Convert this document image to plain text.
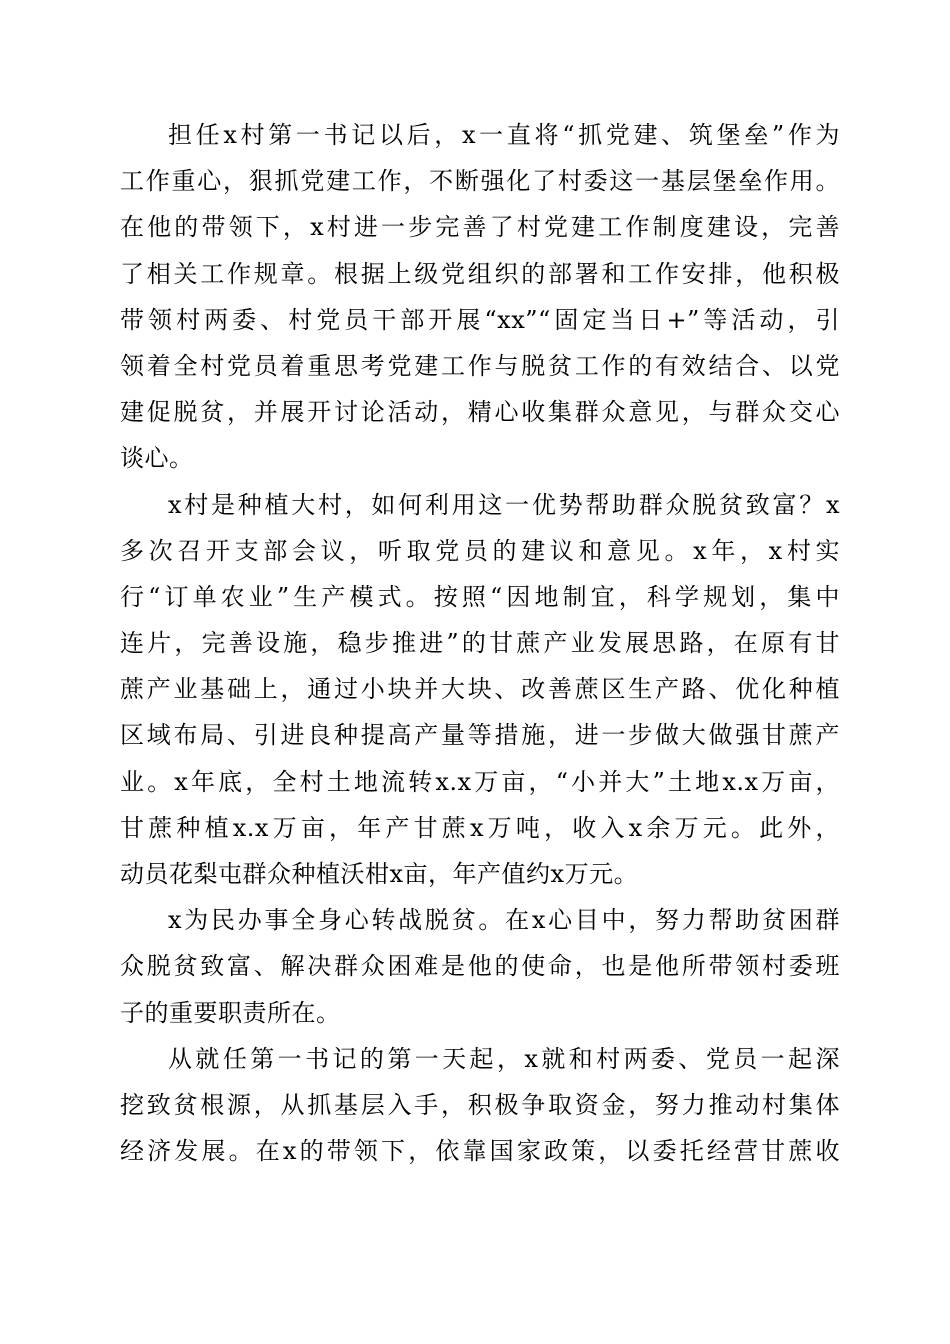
担任x村第一书记以后，x一直将“抓党建、筑堡垒”作为
工作重心，狠抓党建工作，不断强化了村委这一基层堡垒作用。
在他的带领下，x村进一步完善了村党建工作制度建设，完善
了相关工作规章。根据上级党组织的部署和工作安排，他积极
带领村两委、村党员干部开展“xx”“固定当日+”等活动，引
领着全村党员着重思考党建工作与脱贫工作的有效结合、以党
建促脱贫，并展开讨论活动，精心收集群众意见，与群众交心
谈心。
x村是种植大村，如何利用这一优势帮助群众脱贫致富？x
多次召开支部会议，听取党员的建议和意见。x年，x村实
行“订单农业”生产模式。按照“因地制宜，科学规划，集中
连片，完善设施，稳步推进”的甘蔗产业发展思路，在原有甘
蔗产业基础上，通过小块并大块、改善蔗区生产路、优化种植
区域布局、引进良种提高产量等措施，进一步做大做强甘蔗产
业。x年底，全村土地流转x.x万亩，“小并大”土地x.x万亩，
甘蔗种植x.x万亩，年产甘蔗x万吨，收入x余万元。此外，
动员花梨屯群众种植沃柑x亩，年产值约x万元。
x为民办事全身心转战脱贫。在x心目中，努力帮助贫困群
众脱贫致富、解决群众困难是他的使命，也是他所带领村委班
子的重要职责所在。
从就任第一书记的第一天起，x就和村两委、党员一起深
挖致贫根源，从抓基层入手，积极争取资金，努力推动村集体
经济发展。在x的带领下，依靠国家政策，以委托经营甘蔗收
